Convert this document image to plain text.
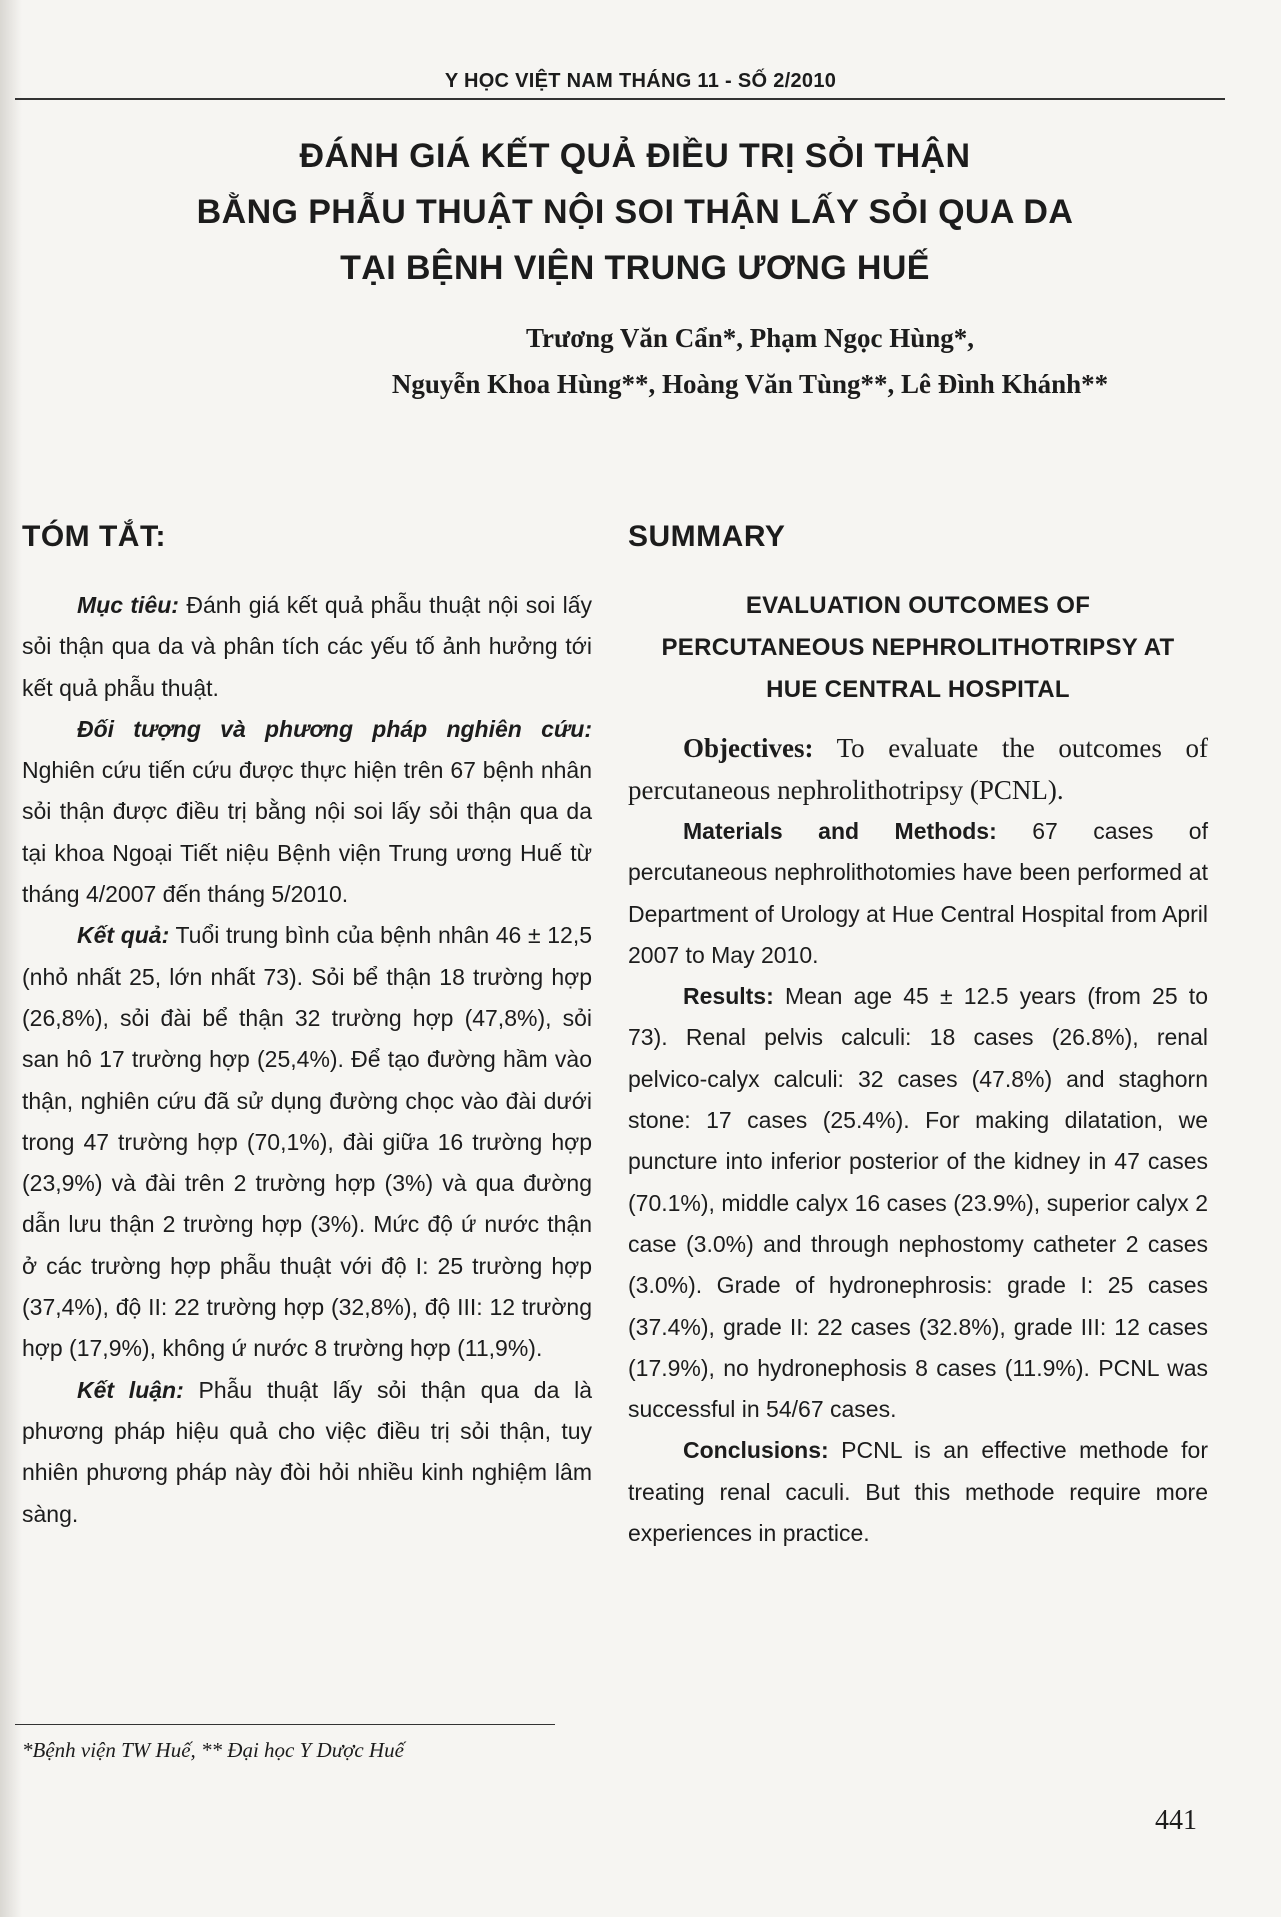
Y HỌC VIỆT NAM THÁNG 11 - SỐ 2/2010
ĐÁNH GIÁ KẾT QUẢ ĐIỀU TRỊ SỎI THẬN
BẰNG PHẪU THUẬT NỘI SOI THẬN LẤY SỎI QUA DA
TẠI BỆNH VIỆN TRUNG ƯƠNG HUẾ
Trương Văn Cẩn*, Phạm Ngọc Hùng*,
Nguyễn Khoa Hùng**, Hoàng Văn Tùng**, Lê Đình Khánh**
TÓM TẮT:

Mục tiêu: Đánh giá kết quả phẫu thuật nội soi lấy sỏi thận qua da và phân tích các yếu tố ảnh hưởng tới kết quả phẫu thuật.

Đối tượng và phương pháp nghiên cứu: Nghiên cứu tiến cứu được thực hiện trên 67 bệnh nhân sỏi thận được điều trị bằng nội soi lấy sỏi thận qua da tại khoa Ngoại Tiết niệu Bệnh viện Trung ương Huế từ tháng 4/2007 đến tháng 5/2010.

Kết quả: Tuổi trung bình của bệnh nhân 46 ± 12,5 (nhỏ nhất 25, lớn nhất 73). Sỏi bể thận 18 trường hợp (26,8%), sỏi đài bể thận 32 trường hợp (47,8%), sỏi san hô 17 trường hợp (25,4%). Để tạo đường hầm vào thận, nghiên cứu đã sử dụng đường chọc vào đài dưới trong 47 trường hợp (70,1%), đài giữa 16 trường hợp (23,9%) và đài trên 2 trường hợp (3%) và qua đường dẫn lưu thận 2 trường hợp (3%). Mức độ ứ nước thận ở các trường hợp phẫu thuật với độ I: 25 trường hợp (37,4%), độ II: 22 trường hợp (32,8%), độ III: 12 trường hợp (17,9%), không ứ nước 8 trường hợp (11,9%).

Kết luận: Phẫu thuật lấy sỏi thận qua da là phương pháp hiệu quả cho việc điều trị sỏi thận, tuy nhiên phương pháp này đòi hỏi nhiều kinh nghiệm lâm sàng.

SUMMARY
EVALUATION OUTCOMES OF
PERCUTANEOUS NEPHROLITHOTRIPSY AT
HUE CENTRAL HOSPITAL

Objectives: To evaluate the outcomes of percutaneous nephrolithotripsy (PCNL).

Materials and Methods: 67 cases of percutaneous nephrolithotomies have been performed at Department of Urology at Hue Central Hospital from April 2007 to May 2010.

Results: Mean age 45 ± 12.5 years (from 25 to 73). Renal pelvis calculi: 18 cases (26.8%), renal pelvico-calyx calculi: 32 cases (47.8%) and staghorn stone: 17 cases (25.4%). For making dilatation, we puncture into inferior posterior of the kidney in 47 cases (70.1%), middle calyx 16 cases (23.9%), superior calyx 2 case (3.0%) and through nephostomy catheter 2 cases (3.0%). Grade of hydronephrosis: grade I: 25 cases (37.4%), grade II: 22 cases (32.8%), grade III: 12 cases (17.9%), no hydronephosis 8 cases (11.9%). PCNL was successful in 54/67 cases.

Conclusions: PCNL is an effective methode for treating renal caculi. But this methode require more experiences in practice.

*Bệnh viện TW Huế, ** Đại học Y Dược Huế
441
